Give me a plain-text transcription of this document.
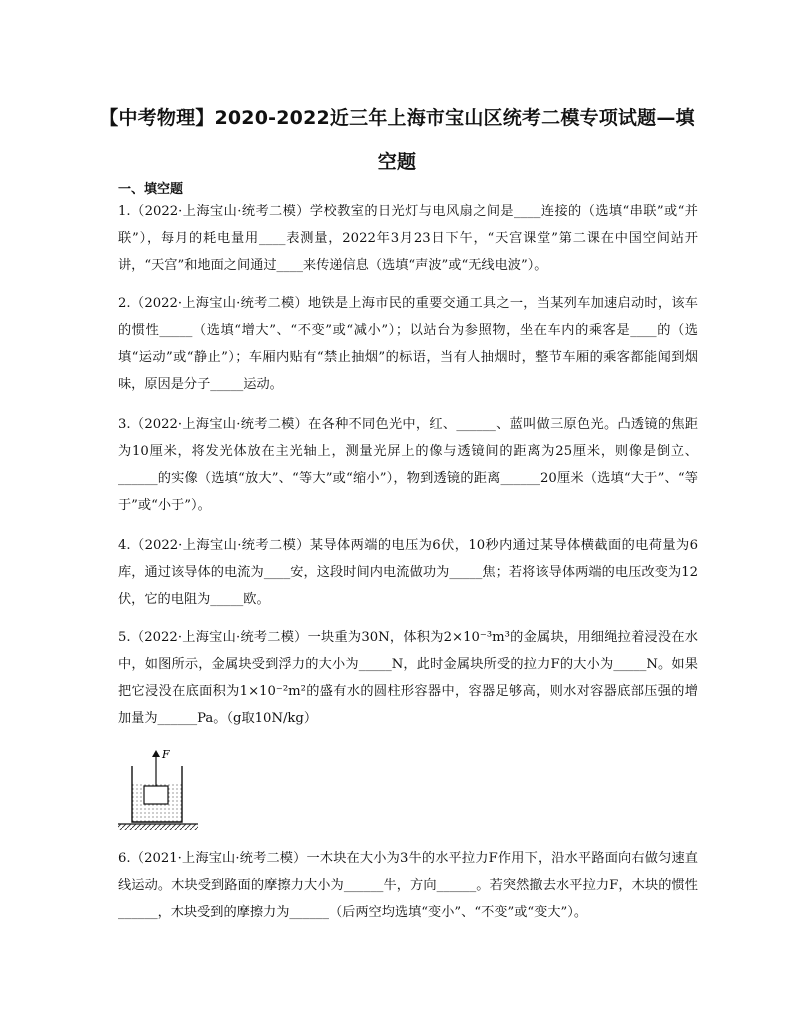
【中考物理】2020-2022近三年上海市宝山区统考二模专项试题—填空题
一、填空题
1.（2022·上海宝山·统考二模）学校教室的日光灯与电风扇之间是____连接的（选填“串联”或“并联”），每月的耗电量用____表测量，2022年3月23日下午，“天宫课堂”第二课在中国空间站开讲，“天宫”和地面之间通过____来传递信息（选填“声波”或“无线电波”）。
2.（2022·上海宝山·统考二模）地铁是上海市民的重要交通工具之一，当某列车加速启动时，该车的惯性_____（选填“增大”、“不变”或“减小”）；以站台为参照物，坐在车内的乘客是____的（选填“运动”或“静止”）；车厢内贴有“禁止抽烟”的标语，当有人抽烟时，整节车厢的乘客都能闻到烟味，原因是分子_____运动。
3.（2022·上海宝山·统考二模）在各种不同色光中，红、______、蓝叫做三原色光。凸透镜的焦距为10厘米，将发光体放在主光轴上，测量光屏上的像与透镜间的距离为25厘米，则像是倒立、______的实像（选填“放大”、“等大”或“缩小”），物到透镜的距离______20厘米（选填“大于”、“等于”或“小于”）。
4.（2022·上海宝山·统考二模）某导体两端的电压为6伏，10秒内通过某导体横截面的电荷量为6库，通过该导体的电流为____安，这段时间内电流做功为_____焦；若将该导体两端的电压改变为12伏，它的电阻为_____欧。
5.（2022·上海宝山·统考二模）一块重为30N，体积为2×10⁻³m³的金属块，用细绳拉着浸没在水中，如图所示，金属块受到浮力的大小为_____N，此时金属块所受的拉力F的大小为_____N。如果把它浸没在底面积为1×10⁻²m²的盛有水的圆柱形容器中，容器足够高，则水对容器底部压强的增加量为______Pa。（g取10N/kg）
F
6.（2021·上海宝山·统考二模）一木块在大小为3牛的水平拉力F作用下，沿水平路面向右做匀速直线运动。木块受到路面的摩擦力大小为______牛，方向______。若突然撤去水平拉力F，木块的惯性______，木块受到的摩擦力为______（后两空均选填“变小”、“不变”或“变大”）。
